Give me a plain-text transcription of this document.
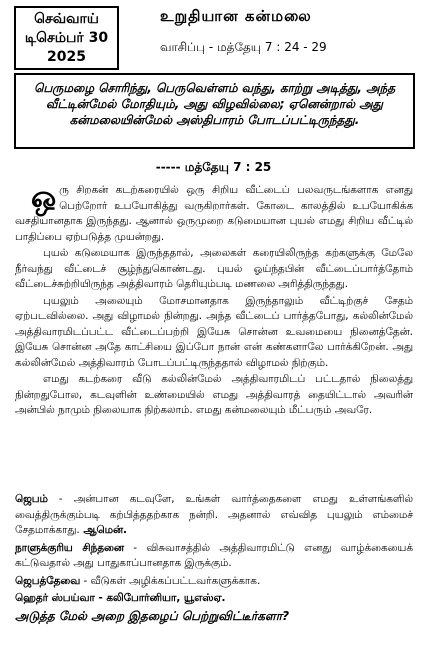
செவ்வாய்
டிசெம்பர் 30
2025
உறுதியான கன்மலை
வாசிப்பு - மத்தேயு 7 : 24 - 29
பெருமழை சொரிந்து, பெருவெள்ளம் வந்து, காற்று அடித்து, அந்த வீட்டின்மேல் மோதியும், அது விழவில்லை; ஏனென்றால் அது கன்மலையின்மேல் அஸ்திபாரம் போடப்பட்டிருந்தது.
----- மத்தேயு 7 : 25

ஒரு சிறகன் கடற்கரையில் ஒரு சிறிய வீட்டைப் பலவருடங்களாக எனது பெற்றோர் உபயோகித்து வருகிறார்கள். கோடை காலத்தில் உபயோகிக்க வசதியானதாக இருந்தது. ஆனால் ஒருமுறை கடுமையான புயல் எமது சிறிய வீட்டில் பாதிப்பை ஏற்படுத்த முயன்றது.

புயல் கடுமையாக இருந்ததால், அலைகள் கரையிலிருந்த கற்களுக்கு மேலே நீர்வந்து வீட்டைச் சூழ்ந்துகொண்டது. புயல் ஓய்ந்தபின் வீட்டைப்பார்த்தோம் வீட்டைச்சுற்றியிருந்த அத்திவாரம் தெரியும்படி மணலை அரித்திருந்தது.

புயலும் அலையும் மோசமானதாக இருந்தாலும் வீட்டிற்குச் சேதம் ஏற்படவில்லை. அது விழாமல் நின்றது. அந்த வீட்டைப் பார்த்தபோது, கல்லின்மேல் அத்திவாரமிடப்பட்ட வீட்டைப்பற்றி இயேசு சொன்ன உவமையை நினைத்தேன். இயேசு சொன்ன அதே காட்சியை இப்போ நான் என் கண்களாலே பார்க்கிறேன். அது கல்லின்மேல் அத்திவாரம் போடப்பட்டிருந்ததால் விழாமல் நிற்கும்.

எமது கடற்கரை வீடு கல்லின்மேல் அத்திவாரமிடப் பட்டதால் நிலைத்து நின்றதுபோல, கடவுளின் உண்மையில் எமது அத்திவாரத் தையிட்டால் அவரின் அன்பில் நாமும் நிலையாக நிற்கலாம். எமது கன்மலையும் மீட்பரும் அவரே.

ஜெபம் - அன்பான கடவுளே, உங்கள் வார்த்தைகளை எமது உள்ளங்களில் வைத்திருக்கும்படி கற்பித்ததற்காக நன்றி. அதனால் எவ்வித புயலும் எம்மைச் சேதமாக்காது. ஆமென்.
நாளுக்குரிய சிந்தனை - விசுவாசத்தில் அத்திவாரமிட்டு எனது வாழ்க்கையைக் கட்டுவதால் அது பாதுகாப்பானதாக இருக்கும்.
ஜெபத்தேவை - வீடுகள் அழிக்கப்பட்டவர்களுக்காக.
ஹெதர் ஸ்பய்வா - கலிபோர்னியா, யூஎஸ்ஏ.
அடுத்த மேல் அறை இதழைப் பெற்றுவிட்டீர்களா?
